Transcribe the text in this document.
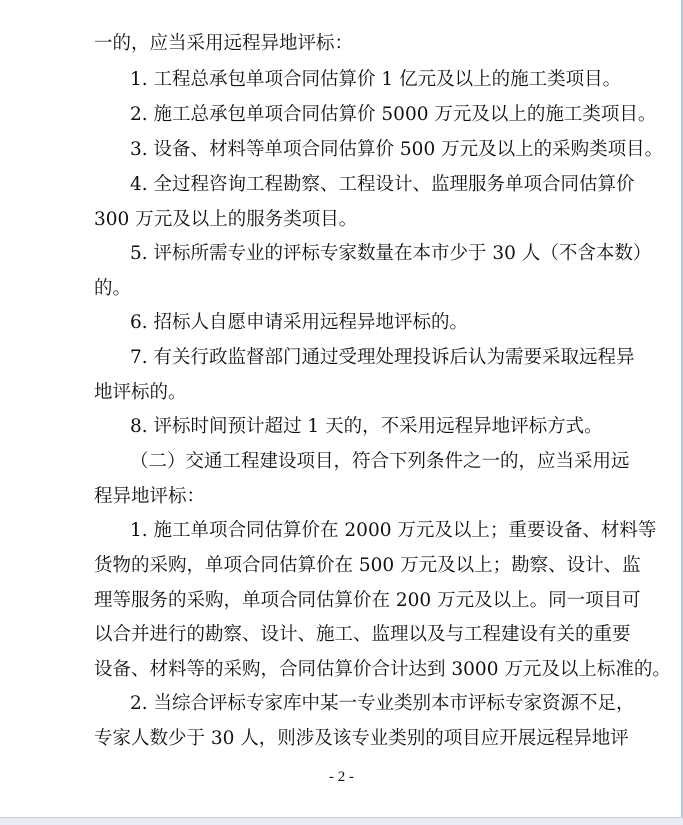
一的，应当采用远程异地评标：
1. 工程总承包单项合同估算价 1 亿元及以上的施工类项目。
2. 施工总承包单项合同估算价 5000 万元及以上的施工类项目。
3. 设备、材料等单项合同估算价 500 万元及以上的采购类项目。
4. 全过程咨询工程勘察、工程设计、监理服务单项合同估算价
300 万元及以上的服务类项目。
5. 评标所需专业的评标专家数量在本市少于 30 人（不含本数）
的。
6. 招标人自愿申请采用远程异地评标的。
7. 有关行政监督部门通过受理处理投诉后认为需要采取远程异
地评标的。
8. 评标时间预计超过 1 天的，不采用远程异地评标方式。
（二）交通工程建设项目，符合下列条件之一的，应当采用远
程异地评标：
1. 施工单项合同估算价在 2000 万元及以上；重要设备、材料等
货物的采购，单项合同估算价在 500 万元及以上；勘察、设计、监
理等服务的采购，单项合同估算价在 200 万元及以上。同一项目可
以合并进行的勘察、设计、施工、监理以及与工程建设有关的重要
设备、材料等的采购，合同估算价合计达到 3000 万元及以上标准的。
2. 当综合评标专家库中某一专业类别本市评标专家资源不足，
专家人数少于 30 人，则涉及该专业类别的项目应开展远程异地评
- 2 -
